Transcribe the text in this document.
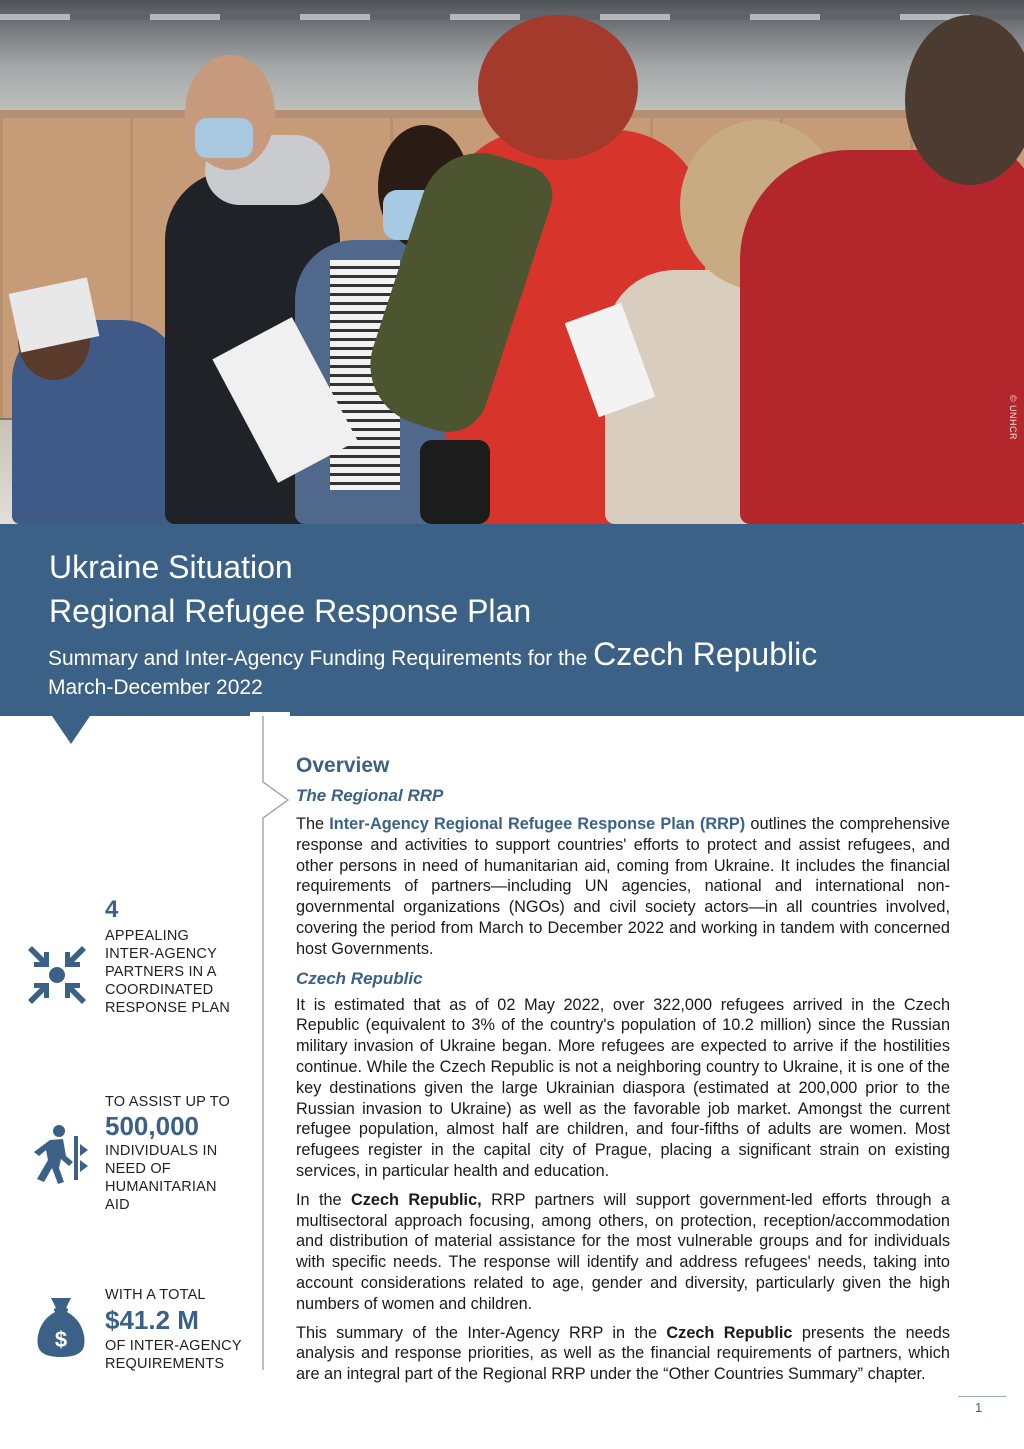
© UNHCR
Ukraine Situation
Regional Refugee Response Plan
Summary and Inter-Agency Funding Requirements for the Czech Republic
March-December 2022
4
APPEALING
INTER-AGENCY
PARTNERS IN A
COORDINATED
RESPONSE PLAN
TO ASSIST UP TO
500,000
INDIVIDUALS IN
NEED OF
HUMANITARIAN
AID
$
WITH A TOTAL
$41.2 M
OF INTER-AGENCY
REQUIREMENTS
Overview
The Regional RRP

The Inter-Agency Regional Refugee Response Plan (RRP) outlines the comprehensive response and activities to support countries' efforts to protect and assist refugees, and other persons in need of humanitarian aid, coming from Ukraine. It includes the financial requirements of partners—including UN agencies, national and international non-governmental organizations (NGOs) and civil society actors—in all countries involved, covering the period from March to December 2022 and working in tandem with concerned host Governments.

Czech Republic

It is estimated that as of 02 May 2022, over 322,000 refugees arrived in the Czech Republic (equivalent to 3% of the country's population of 10.2 million) since the Russian military invasion of Ukraine began. More refugees are expected to arrive if the hostilities continue. While the Czech Republic is not a neighboring country to Ukraine, it is one of the key destinations given the large Ukrainian diaspora (estimated at 200,000 prior to the Russian invasion to Ukraine) as well as the favorable job market. Amongst the current refugee population, almost half are children, and four-fifths of adults are women. Most refugees register in the capital city of Prague, placing a significant strain on existing services, in particular health and education.

In the Czech Republic, RRP partners will support government-led efforts through a multisectoral approach focusing, among others, on protection, reception/accommodation and distribution of material assistance for the most vulnerable groups and for individuals with specific needs. The response will identify and address refugees' needs, taking into account considerations related to age, gender and diversity, particularly given the high numbers of women and children.

This summary of the Inter-Agency RRP in the Czech Republic presents the needs analysis and response priorities, as well as the financial requirements of partners, which are an integral part of the Regional RRP under the “Other Countries Summary” chapter.

1
